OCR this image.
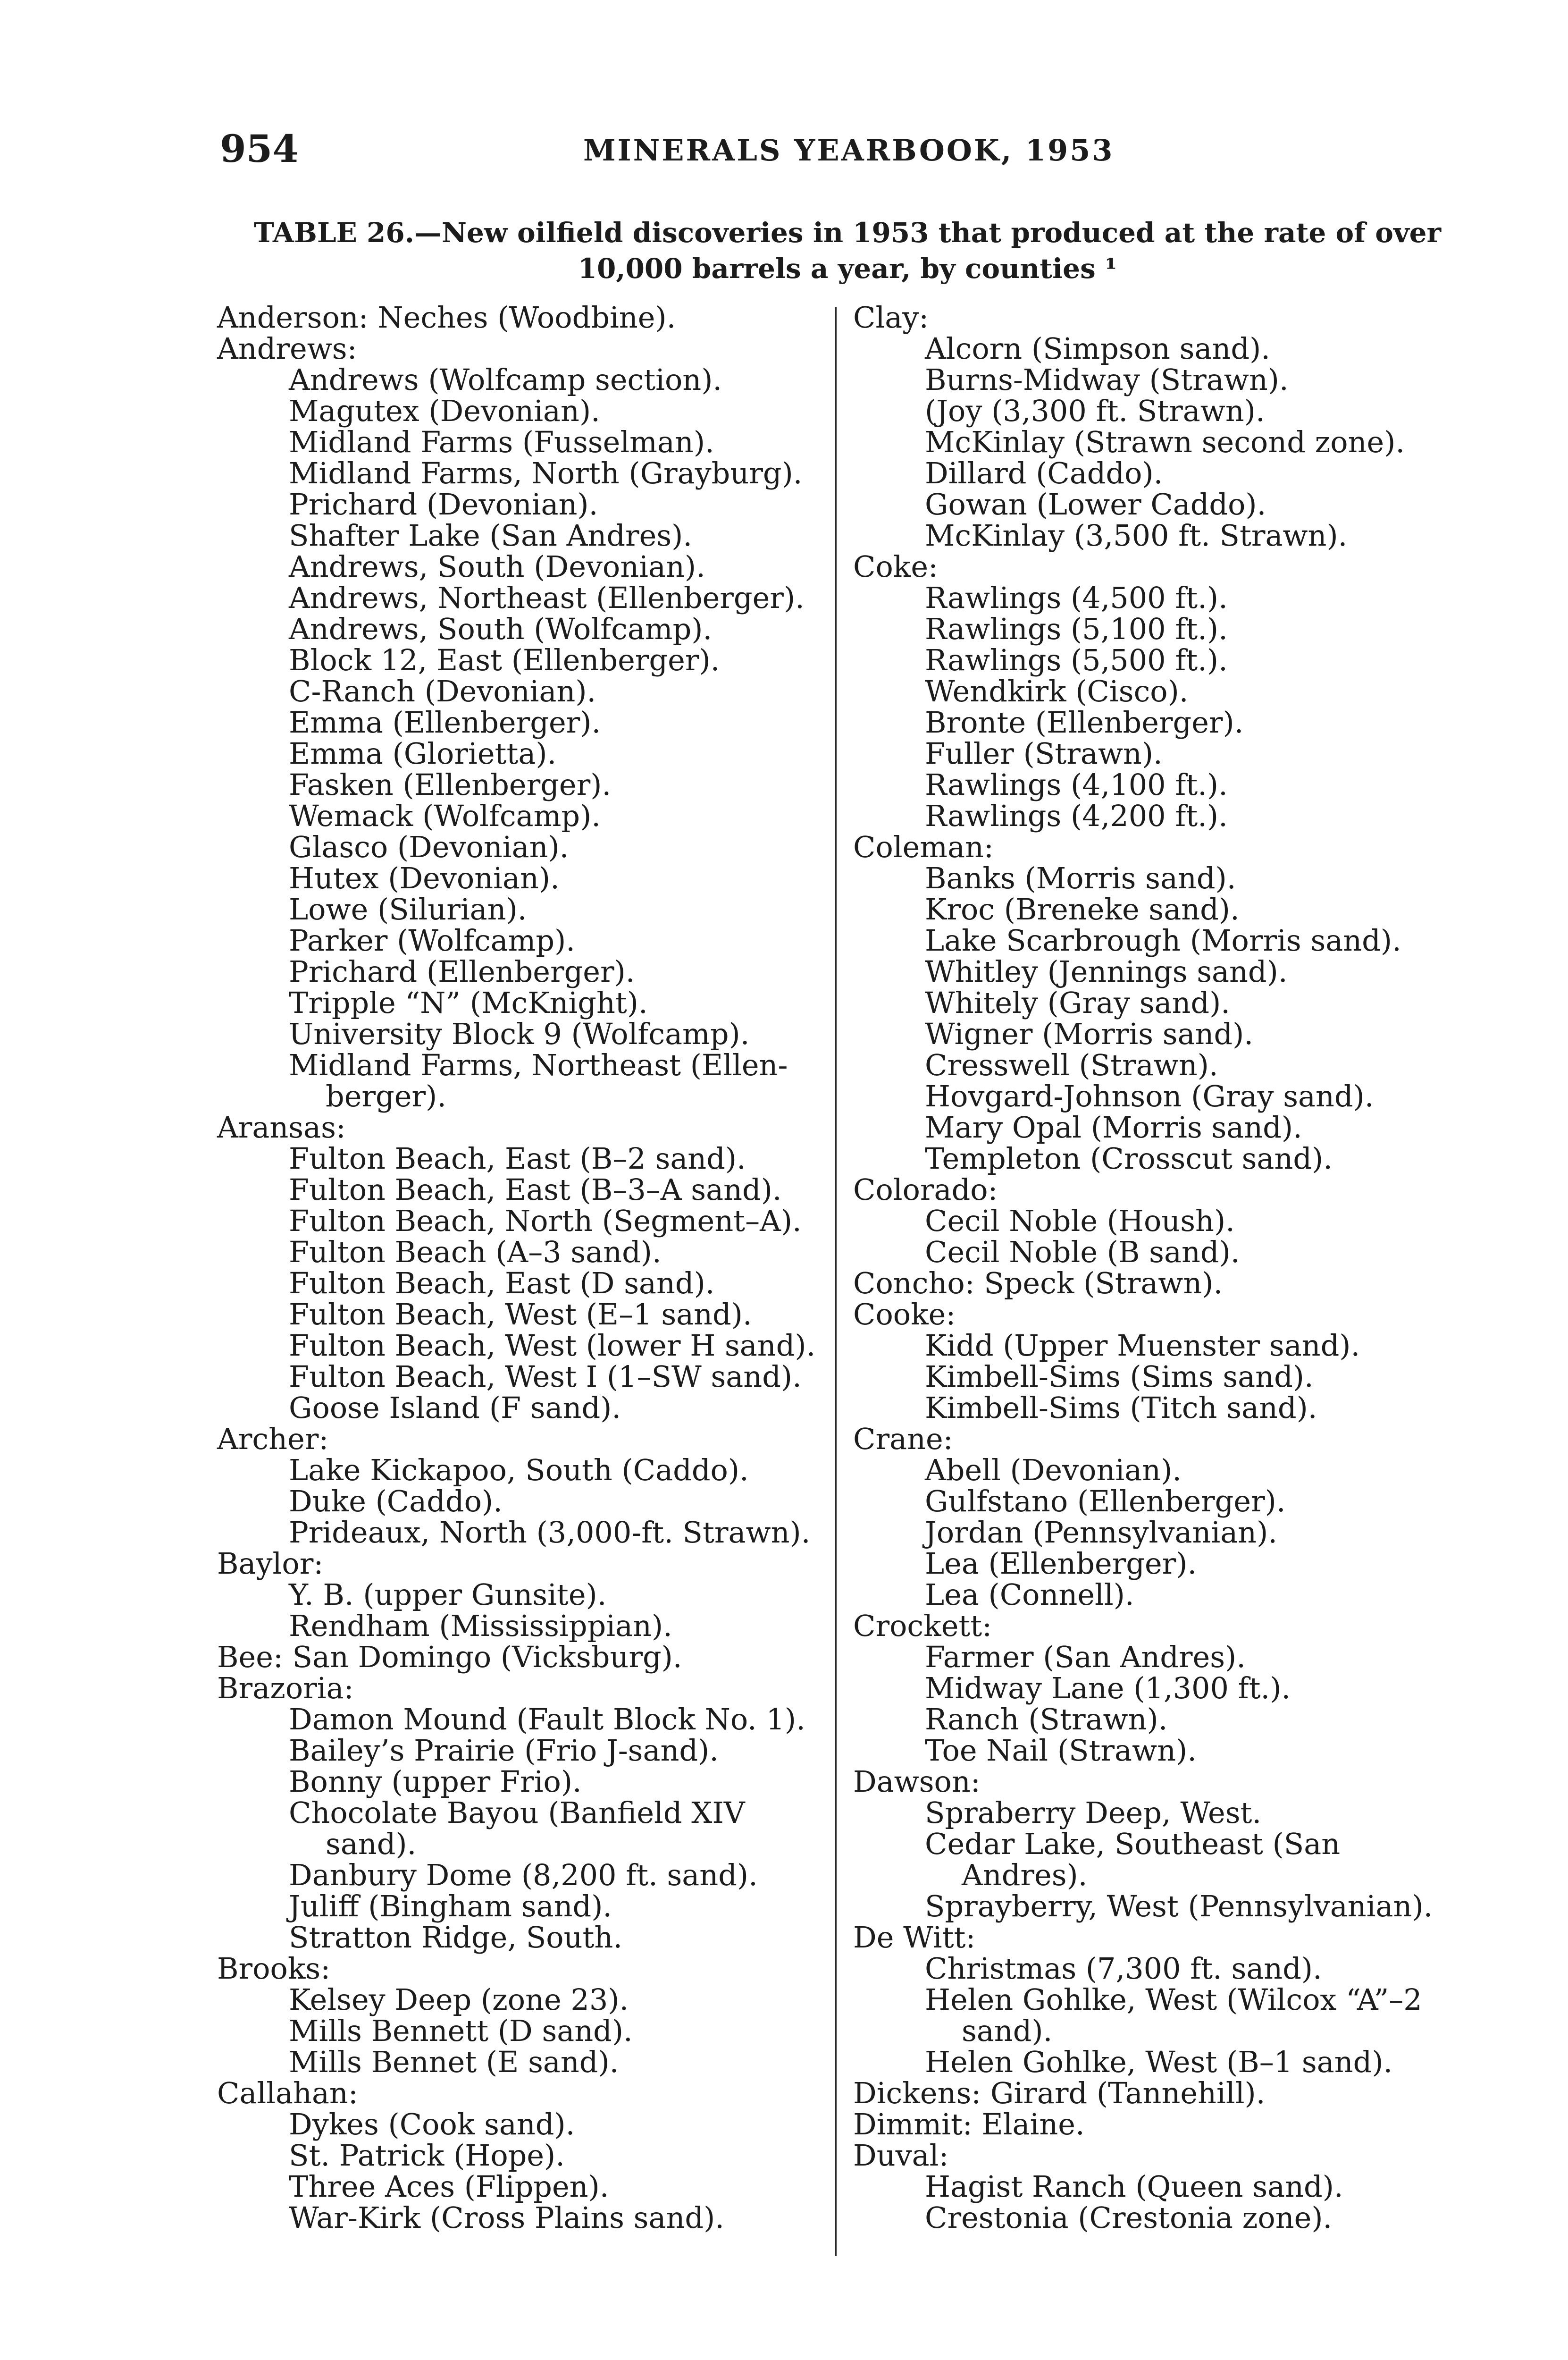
954	MINERALS YEARBOOK, 1953
TABLE 26.—New oilfield discoveries in 1953 that produced at the rate of over
10,000 barrels a year, by counties ¹
Anderson: Neches (Woodbine).
Andrews:
Andrews (Wolfcamp section).
Magutex (Devonian).
Midland Farms (Fusselman).
Midland Farms, North (Grayburg).
Prichard (Devonian).
Shafter Lake (San Andres).
Andrews, South (Devonian).
Andrews, Northeast (Ellenberger).
Andrews, South (Wolfcamp).
Block 12, East (Ellenberger).
C-Ranch (Devonian).
Emma (Ellenberger).
Emma (Glorietta).
Fasken (Ellenberger).
Wemack (Wolfcamp).
Glasco (Devonian).
Hutex (Devonian).
Lowe (Silurian).
Parker (Wolfcamp).
Prichard (Ellenberger).
Tripple “N” (McKnight).
University Block 9 (Wolfcamp).
Midland Farms, Northeast (Ellen-
berger).
Aransas:
Fulton Beach, East (B–2 sand).
Fulton Beach, East (B–3–A sand).
Fulton Beach, North (Segment–A).
Fulton Beach (A–3 sand).
Fulton Beach, East (D sand).
Fulton Beach, West (E–1 sand).
Fulton Beach, West (lower H sand).
Fulton Beach, West I (1–SW sand).
Goose Island (F sand).
Archer:
Lake Kickapoo, South (Caddo).
Duke (Caddo).
Prideaux, North (3,000-ft. Strawn).
Baylor:
Y. B. (upper Gunsite).
Rendham (Mississippian).
Bee: San Domingo (Vicksburg).
Brazoria:
Damon Mound (Fault Block No. 1).
Bailey’s Prairie (Frio J-sand).
Bonny (upper Frio).
Chocolate Bayou (Banfield XIV
sand).
Danbury Dome (8,200 ft. sand).
Juliff (Bingham sand).
Stratton Ridge, South.
Brooks:
Kelsey Deep (zone 23).
Mills Bennett (D sand).
Mills Bennet (E sand).
Callahan:
Dykes (Cook sand).
St. Patrick (Hope).
Three Aces (Flippen).
War-Kirk (Cross Plains sand).
Clay:
Alcorn (Simpson sand).
Burns-Midway (Strawn).
(Joy (3,300 ft. Strawn).
McKinlay (Strawn second zone).
Dillard (Caddo).
Gowan (Lower Caddo).
McKinlay (3,500 ft. Strawn).
Coke:
Rawlings (4,500 ft.).
Rawlings (5,100 ft.).
Rawlings (5,500 ft.).
Wendkirk (Cisco).
Bronte (Ellenberger).
Fuller (Strawn).
Rawlings (4,100 ft.).
Rawlings (4,200 ft.).
Coleman:
Banks (Morris sand).
Kroc (Breneke sand).
Lake Scarbrough (Morris sand).
Whitley (Jennings sand).
Whitely (Gray sand).
Wigner (Morris sand).
Cresswell (Strawn).
Hovgard-Johnson (Gray sand).
Mary Opal (Morris sand).
Templeton (Crosscut sand).
Colorado:
Cecil Noble (Housh).
Cecil Noble (B sand).
Concho: Speck (Strawn).
Cooke:
Kidd (Upper Muenster sand).
Kimbell-Sims (Sims sand).
Kimbell-Sims (Titch sand).
Crane:
Abell (Devonian).
Gulfstano (Ellenberger).
Jordan (Pennsylvanian).
Lea (Ellenberger).
Lea (Connell).
Crockett:
Farmer (San Andres).
Midway Lane (1,300 ft.).
Ranch (Strawn).
Toe Nail (Strawn).
Dawson:
Spraberry Deep, West.
Cedar Lake, Southeast (San
Andres).
Sprayberry, West (Pennsylvanian).
De Witt:
Christmas (7,300 ft. sand).
Helen Gohlke, West (Wilcox “A”–2
sand).
Helen Gohlke, West (B–1 sand).
Dickens: Girard (Tannehill).
Dimmit: Elaine.
Duval:
Hagist Ranch (Queen sand).
Crestonia (Crestonia zone).
